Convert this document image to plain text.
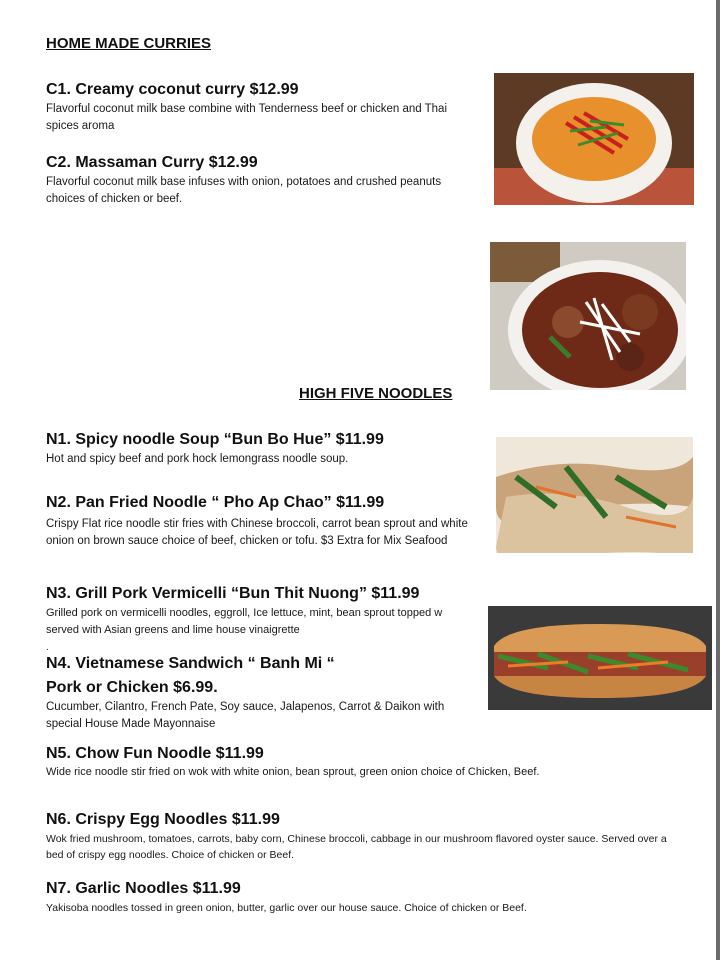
HOME MADE CURRIES
C1. Creamy coconut curry $12.99

Flavorful coconut milk base combine with Tenderness beef or chicken and Thai spices aroma

C2. Massaman Curry $12.99

Flavorful coconut milk base infuses with onion, potatoes and crushed peanuts choices of chicken or beef.

HIGH FIVE NOODLES
N1. Spicy noodle Soup “Bun Bo Hue” $11.99

Hot and spicy beef and pork hock lemongrass noodle soup.

N2. Pan Fried Noodle “ Pho Ap Chao” $11.99

Crispy Flat rice noodle stir fries with Chinese broccoli, carrot bean sprout and white onion on brown sauce choice of beef, chicken or tofu. $3 Extra for Mix Seafood

N3. Grill Pork Vermicelli “Bun Thit Nuong” $11.99

Grilled pork on vermicelli noodles, eggroll, Ice lettuce, mint, bean sprout topped w served with Asian greens and lime house vinaigrette

.
N4. Vietnamese Sandwich “ Banh Mi “
Pork or Chicken $6.99.

Cucumber, Cilantro, French Pate, Soy sauce, Jalapenos, Carrot & Daikon with special House Made Mayonnaise

N5. Chow Fun Noodle $11.99

Wide rice noodle stir fried on wok with white onion, bean sprout, green onion choice of Chicken, Beef.

N6. Crispy Egg Noodles $11.99

Wok fried mushroom, tomatoes, carrots, baby corn, Chinese broccoli, cabbage in our mushroom flavored oyster sauce. Served over a bed of crispy egg noodles. Choice of chicken or Beef.

N7. Garlic Noodles $11.99

Yakisoba noodles tossed in green onion, butter, garlic over our house sauce. Choice of chicken or Beef.
